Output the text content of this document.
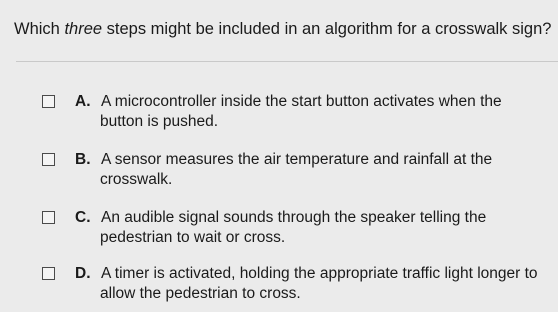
Which three steps might be included in an algorithm for a crosswalk sign?
A. A microcontroller inside the start button activates when the
button is pushed.
B. A sensor measures the air temperature and rainfall at the
crosswalk.
C. An audible signal sounds through the speaker telling the
pedestrian to wait or cross.
D. A timer is activated, holding the appropriate traffic light longer to
allow the pedestrian to cross.
